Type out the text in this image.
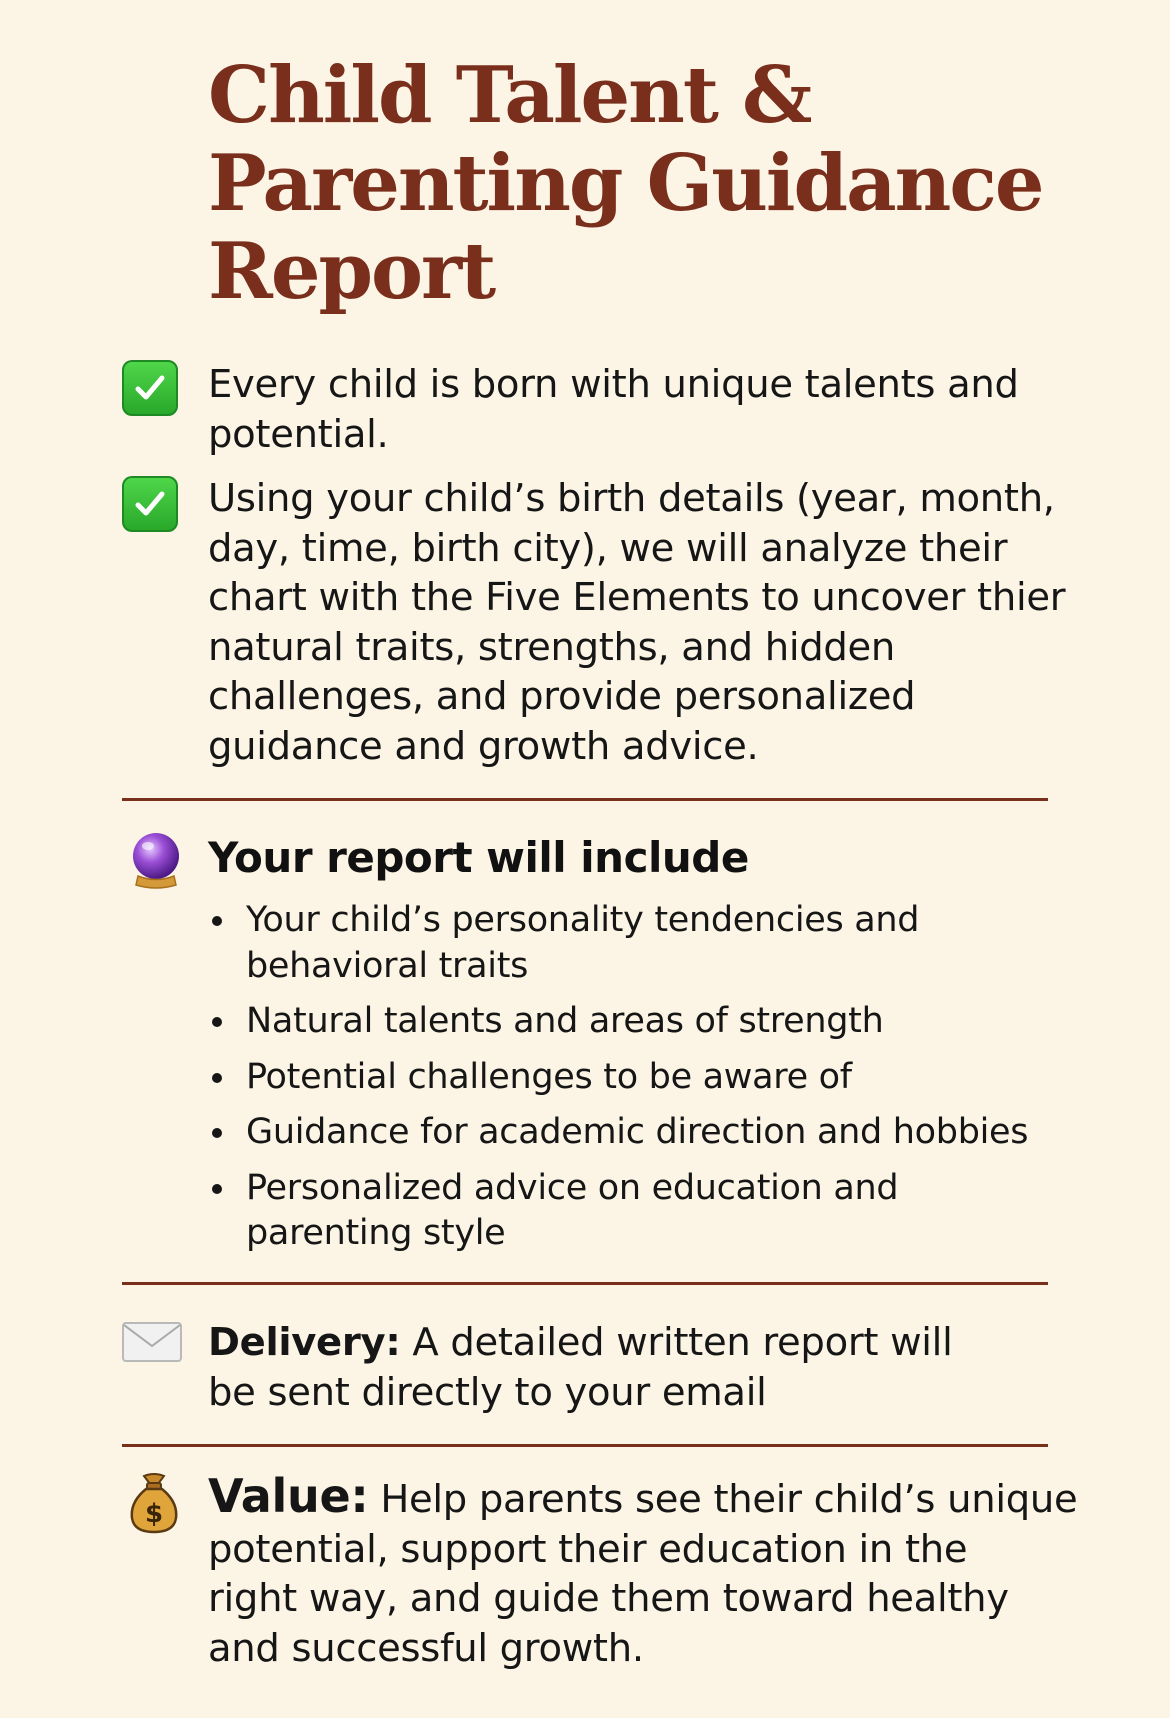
Child Talent &
Parenting Guidance
Report

Every child is born with unique talents and
potential.

Using your child’s birth details (year, month,
day, time, birth city), we will analyze their
chart with the Five Elements to uncover thier
natural traits, strengths, and hidden
challenges, and provide personalized
guidance and growth advice.

Your report will include
Your child’s personality tendencies and
behavioral traits
Natural talents and areas of strength
Potential challenges to be aware of
Guidance for academic direction and hobbies
Personalized advice on education and
parenting style

Delivery: A detailed written report will
be sent directly to your email

$ Value: Help parents see their child’s unique
potential, support their education in the
right way, and guide them toward healthy
and successful growth.
